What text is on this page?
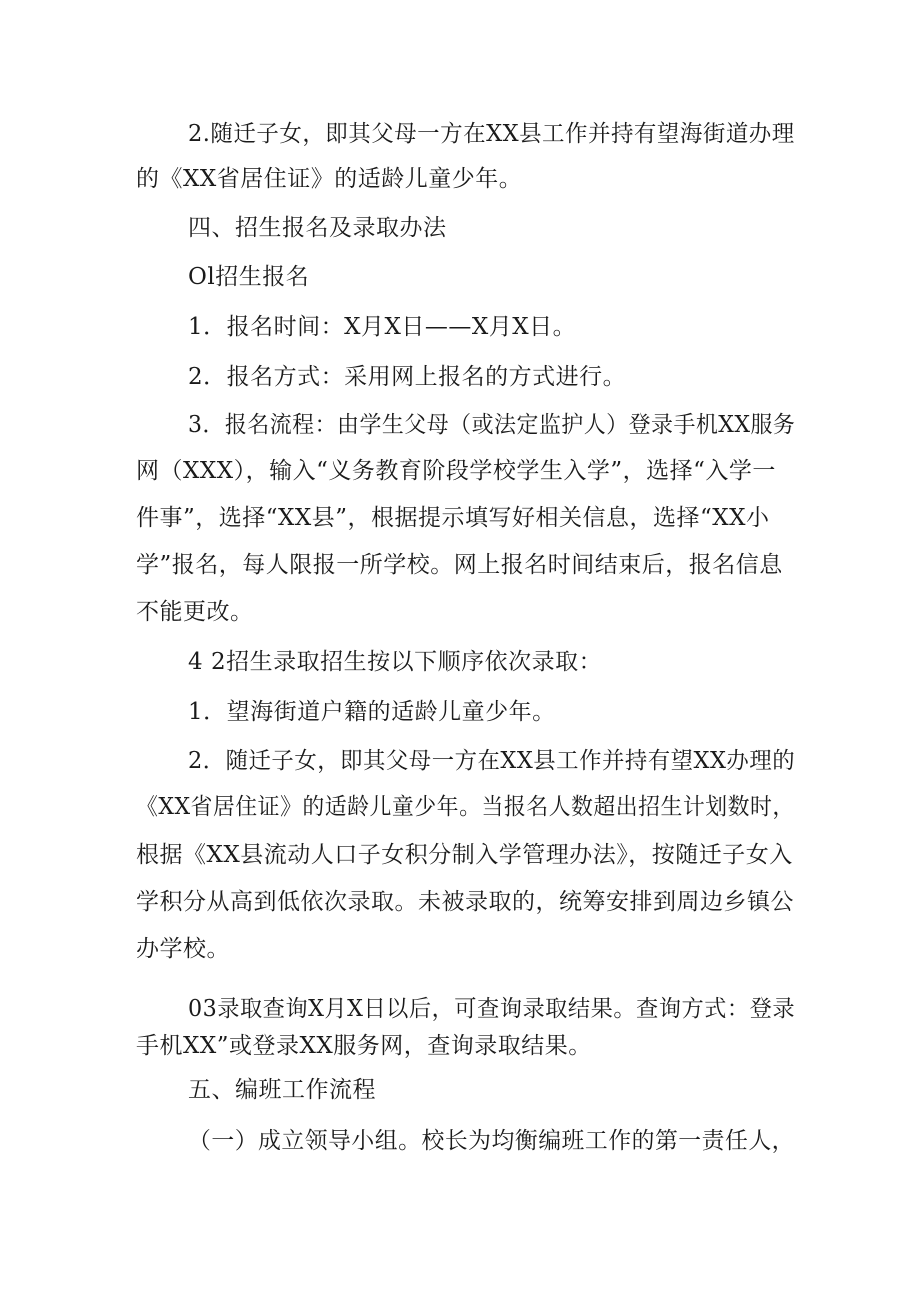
2.随迁子女，即其父母一方在XX县工作并持有望海街道办理
的《XX省居住证》的适龄儿童少年。
四、招生报名及录取办法
Ol招生报名
1．报名时间：X月X日——X月X日。
2．报名方式：采用网上报名的方式进行。
3．报名流程：由学生父母（或法定监护人）登录手机XX服务
网（XXX），输入“义务教育阶段学校学生入学”，选择“入学一
件事”，选择“XX县”，根据提示填写好相关信息，选择“XX小
学”报名，每人限报一所学校。网上报名时间结束后，报名信息
不能更改。
4 2招生录取招生按以下顺序依次录取：
1．望海街道户籍的适龄儿童少年。
2．随迁子女，即其父母一方在XX县工作并持有望XX办理的
《XX省居住证》的适龄儿童少年。当报名人数超出招生计划数时，
根据《XX县流动人口子女积分制入学管理办法》，按随迁子女入
学积分从高到低依次录取。未被录取的，统筹安排到周边乡镇公
办学校。
03录取查询X月X日以后，可查询录取结果。查询方式：登录
手机XX”或登录XX服务网，查询录取结果。
五、编班工作流程
（一）成立领导小组。校长为均衡编班工作的第一责任人，
